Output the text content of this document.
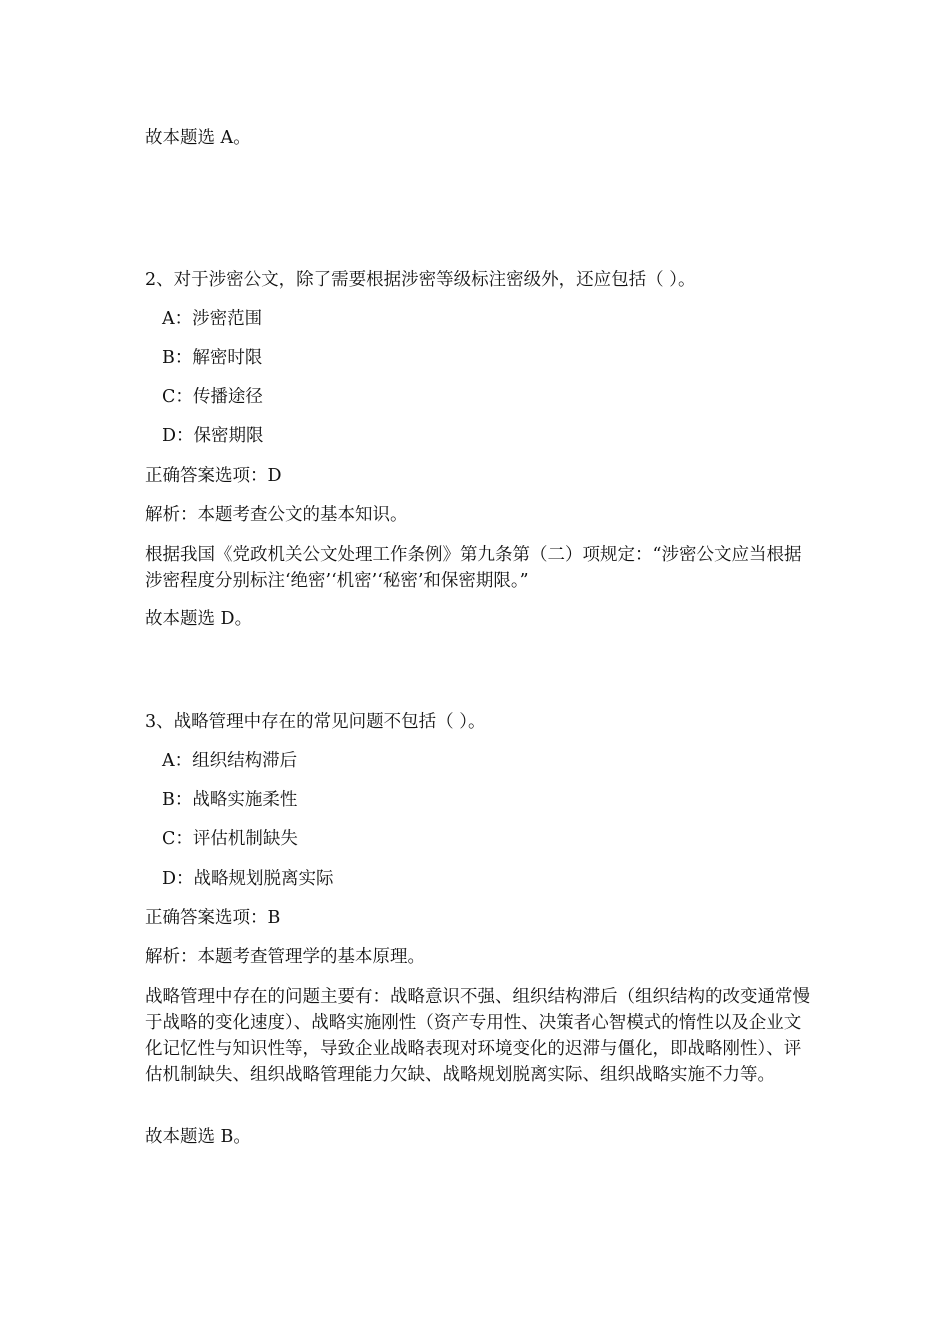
故本题选 A。
2、对于涉密公文，除了需要根据涉密等级标注密级外，还应包括（ ）。
A：涉密范围
B：解密时限
C：传播途径
D：保密期限
正确答案选项：D
解析：本题考查公文的基本知识。
根据我国《党政机关公文处理工作条例》第九条第（二）项规定：“涉密公文应当根据涉密程度分别标注‘绝密’‘机密’‘秘密’和保密期限。”
故本题选 D。
3、战略管理中存在的常见问题不包括（ ）。
A：组织结构滞后
B：战略实施柔性
C：评估机制缺失
D：战略规划脱离实际
正确答案选项：B
解析：本题考查管理学的基本原理。
战略管理中存在的问题主要有：战略意识不强、组织结构滞后（组织结构的改变通常慢于战略的变化速度）、战略实施刚性（资产专用性、决策者心智模式的惰性以及企业文化记忆性与知识性等，导致企业战略表现对环境变化的迟滞与僵化，即战略刚性）、评估机制缺失、组织战略管理能力欠缺、战略规划脱离实际、组织战略实施不力等。
故本题选 B。
